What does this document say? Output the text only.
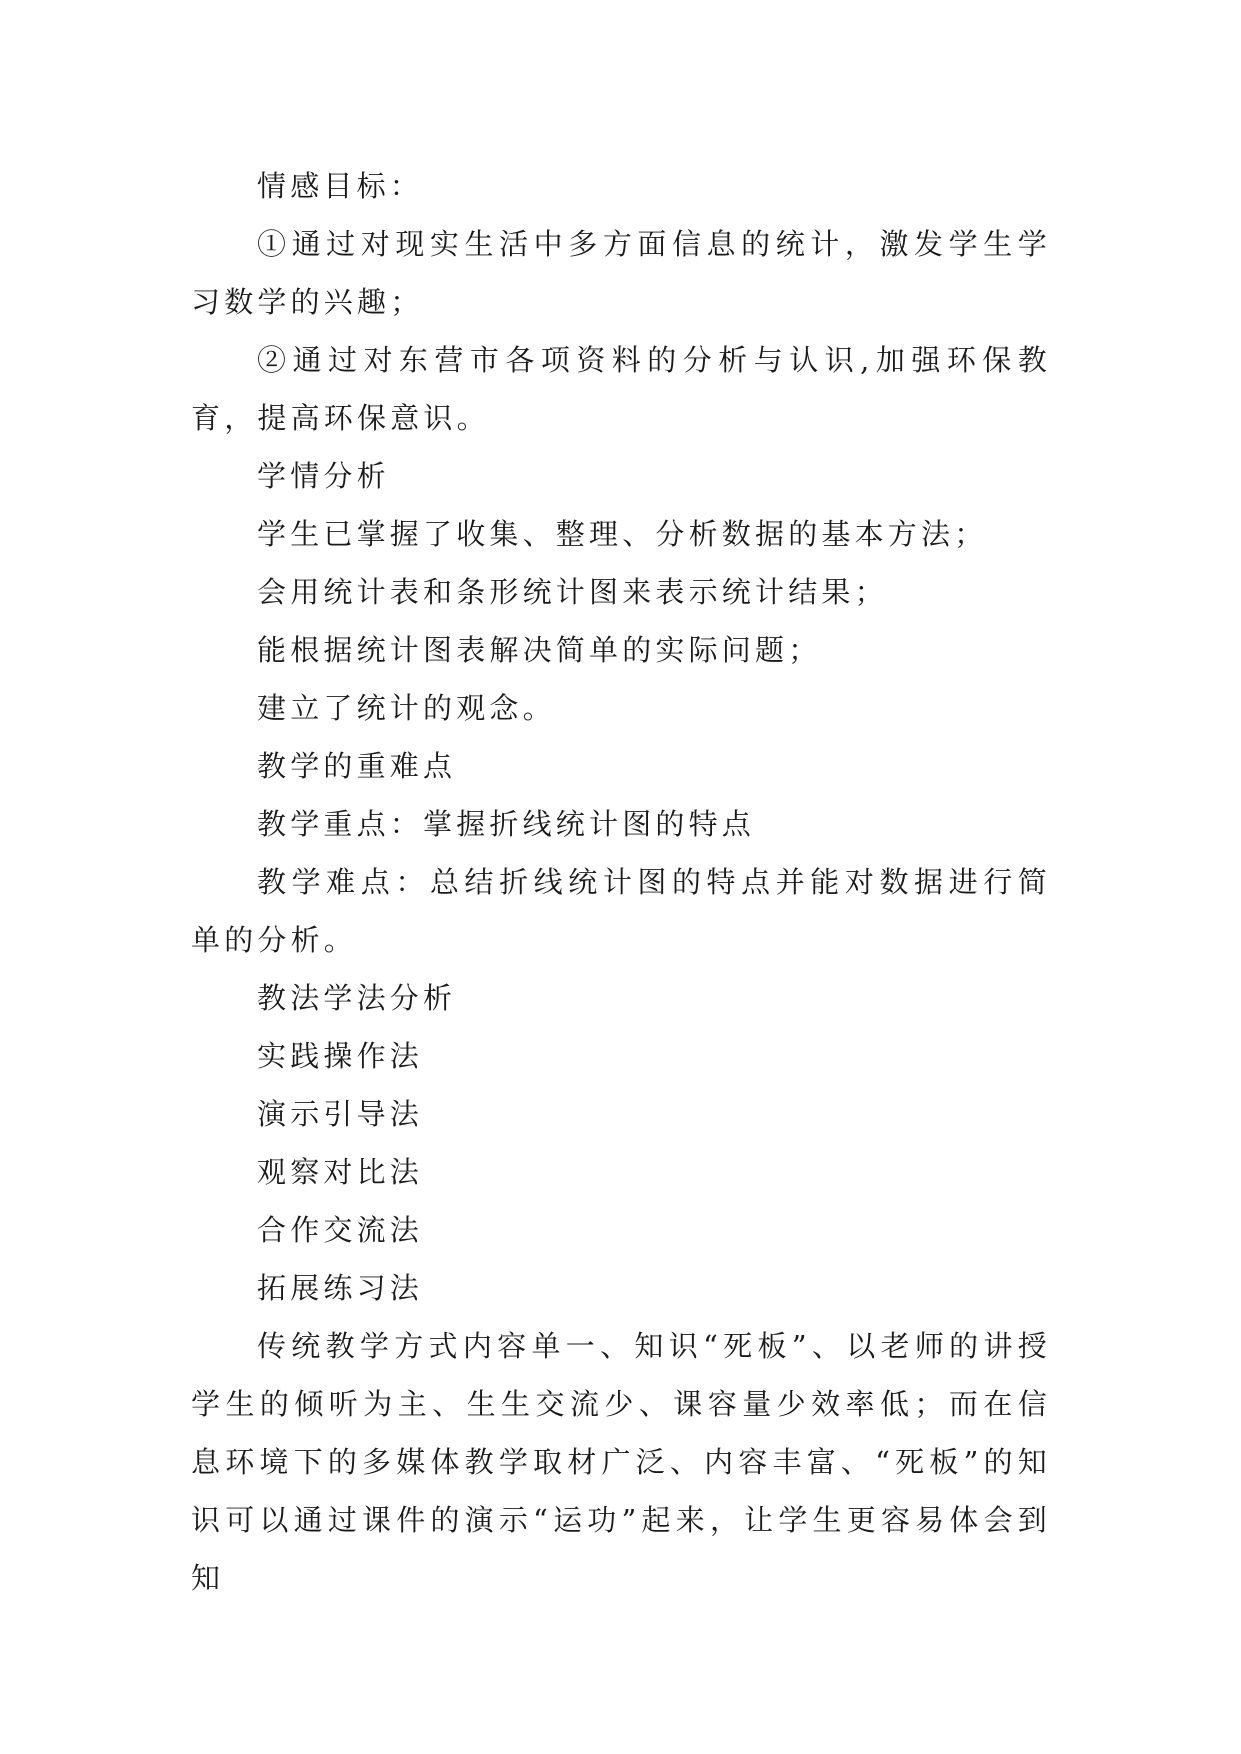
情感目标：

①通过对现实生活中多方面信息的统计，激发学生学习数学的兴趣；

②通过对东营市各项资料的分析与认识,加强环保教育，提高环保意识。

学情分析

学生已掌握了收集、整理、分析数据的基本方法；

会用统计表和条形统计图来表示统计结果；

能根据统计图表解决简单的实际问题；

建立了统计的观念。

教学的重难点

教学重点：掌握折线统计图的特点

教学难点：总结折线统计图的特点并能对数据进行简单的分析。

教法学法分析

实践操作法

演示引导法

观察对比法

合作交流法

拓展练习法

传统教学方式内容单一、知识“死板”、以老师的讲授学生的倾听为主、生生交流少、课容量少效率低；而在信息环境下的多媒体教学取材广泛、内容丰富、“死板”的知识可以通过课件的演示“运功”起来，让学生更容易体会到知
